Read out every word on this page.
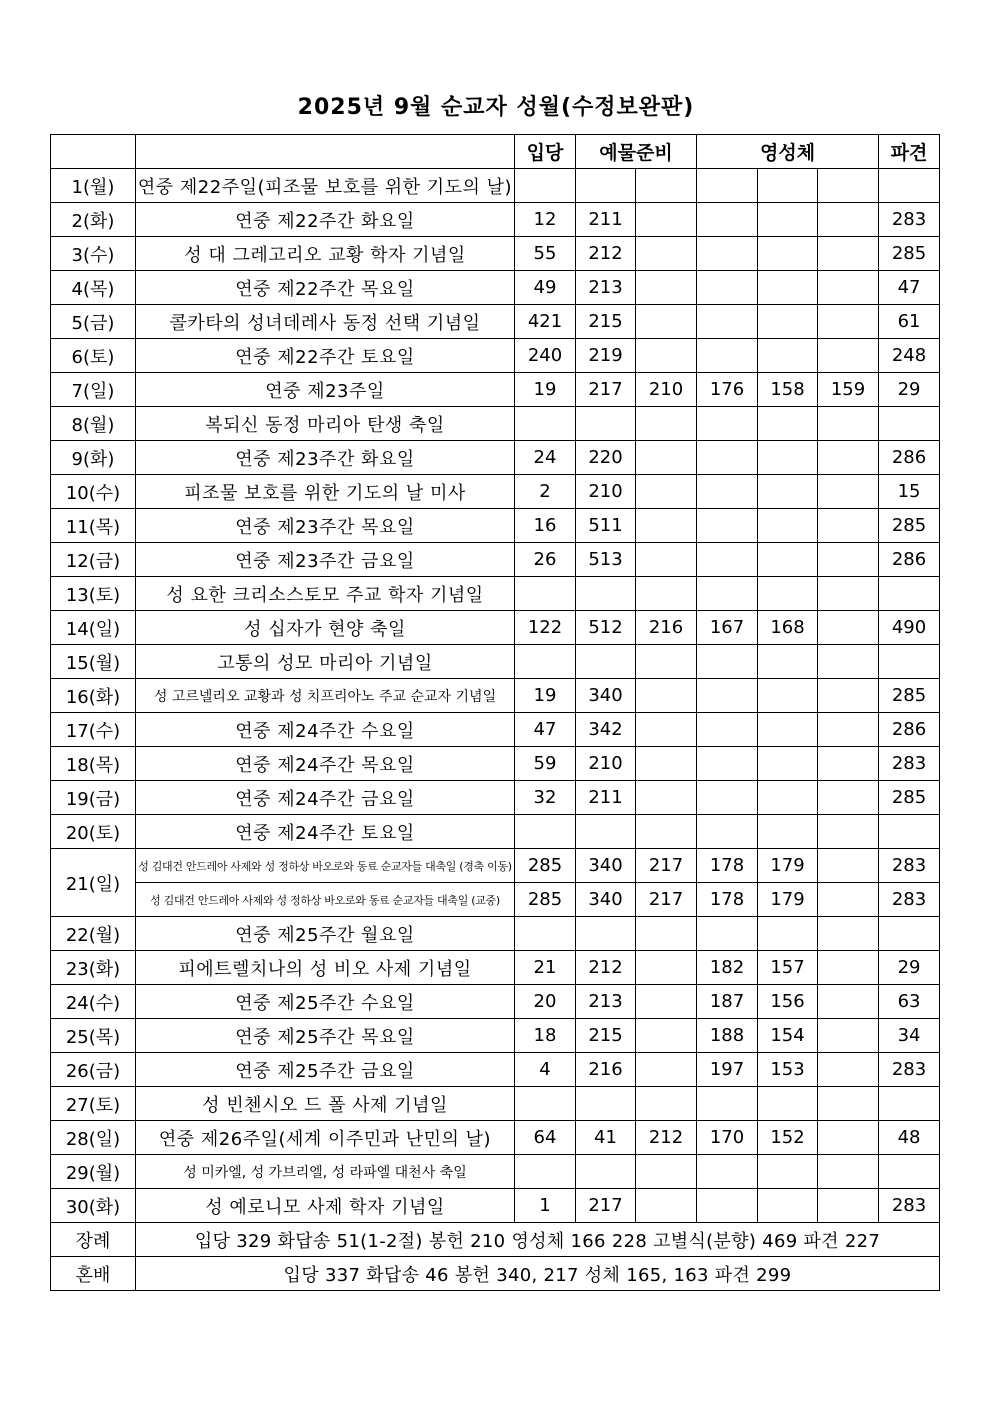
2025년 9월 순교자 성월(수정보완판)
		입당	예물준비		영성체			파견
1(월)	연중 제22주일(피조물 보호를 위한 기도의 날)							
2(화)	연중 제22주간 화요일	12	211					283
3(수)	성 대 그레고리오 교황 학자 기념일	55	212					285
4(목)	연중 제22주간 목요일	49	213					47
5(금)	콜카타의 성녀데레사 동정 선택 기념일	421	215					61
6(토)	연중 제22주간 토요일	240	219					248
7(일)	연중 제23주일	19	217	210	176	158	159	29
8(월)	복되신 동정 마리아 탄생 축일							
9(화)	연중 제23주간 화요일	24	220					286
10(수)	피조물 보호를 위한 기도의 날 미사	2	210					15
11(목)	연중 제23주간 목요일	16	511					285
12(금)	연중 제23주간 금요일	26	513					286
13(토)	성 요한 크리소스토모 주교 학자 기념일							
14(일)	성 십자가 현양 축일	122	512	216	167	168		490
15(월)	고통의 성모 마리아 기념일							
16(화)	성 고르넬리오 교황과 성 치프리아노 주교 순교자 기념일	19	340					285
17(수)	연중 제24주간 수요일	47	342					286
18(목)	연중 제24주간 목요일	59	210					283
19(금)	연중 제24주간 금요일	32	211					285
20(토)	연중 제24주간 토요일							
21(일)	성 김대건 안드레아 사제와 성 정하상 바오로와 동료 순교자들 대축일 (경축 이동)	285	340	217	178	179		283
	성 김대건 안드레아 사제와 성 정하상 바오로와 동료 순교자들 대축일 (교중)	285	340	217	178	179		283
22(월)	연중 제25주간 월요일							
23(화)	피에트렐치나의 성 비오 사제 기념일	21	212		182	157		29
24(수)	연중 제25주간 수요일	20	213		187	156		63
25(목)	연중 제25주간 목요일	18	215		188	154		34
26(금)	연중 제25주간 금요일	4	216		197	153		283
27(토)	성 빈첸시오 드 폴 사제 기념일							
28(일)	연중 제26주일(세계 이주민과 난민의 날)	64	41	212	170	152		48
29(월)	성 미카엘, 성 가브리엘, 성 라파엘 대천사 축일							
30(화)	성 예로니모 사제 학자 기념일	1	217					283
장례	입당 329 화답송 51(1-2절) 봉헌 210 영성체 166 228 고별식(분향) 469 파견 227							
혼배	입당 337 화답송 46 봉헌 340, 217 성체 165, 163 파견 299							
